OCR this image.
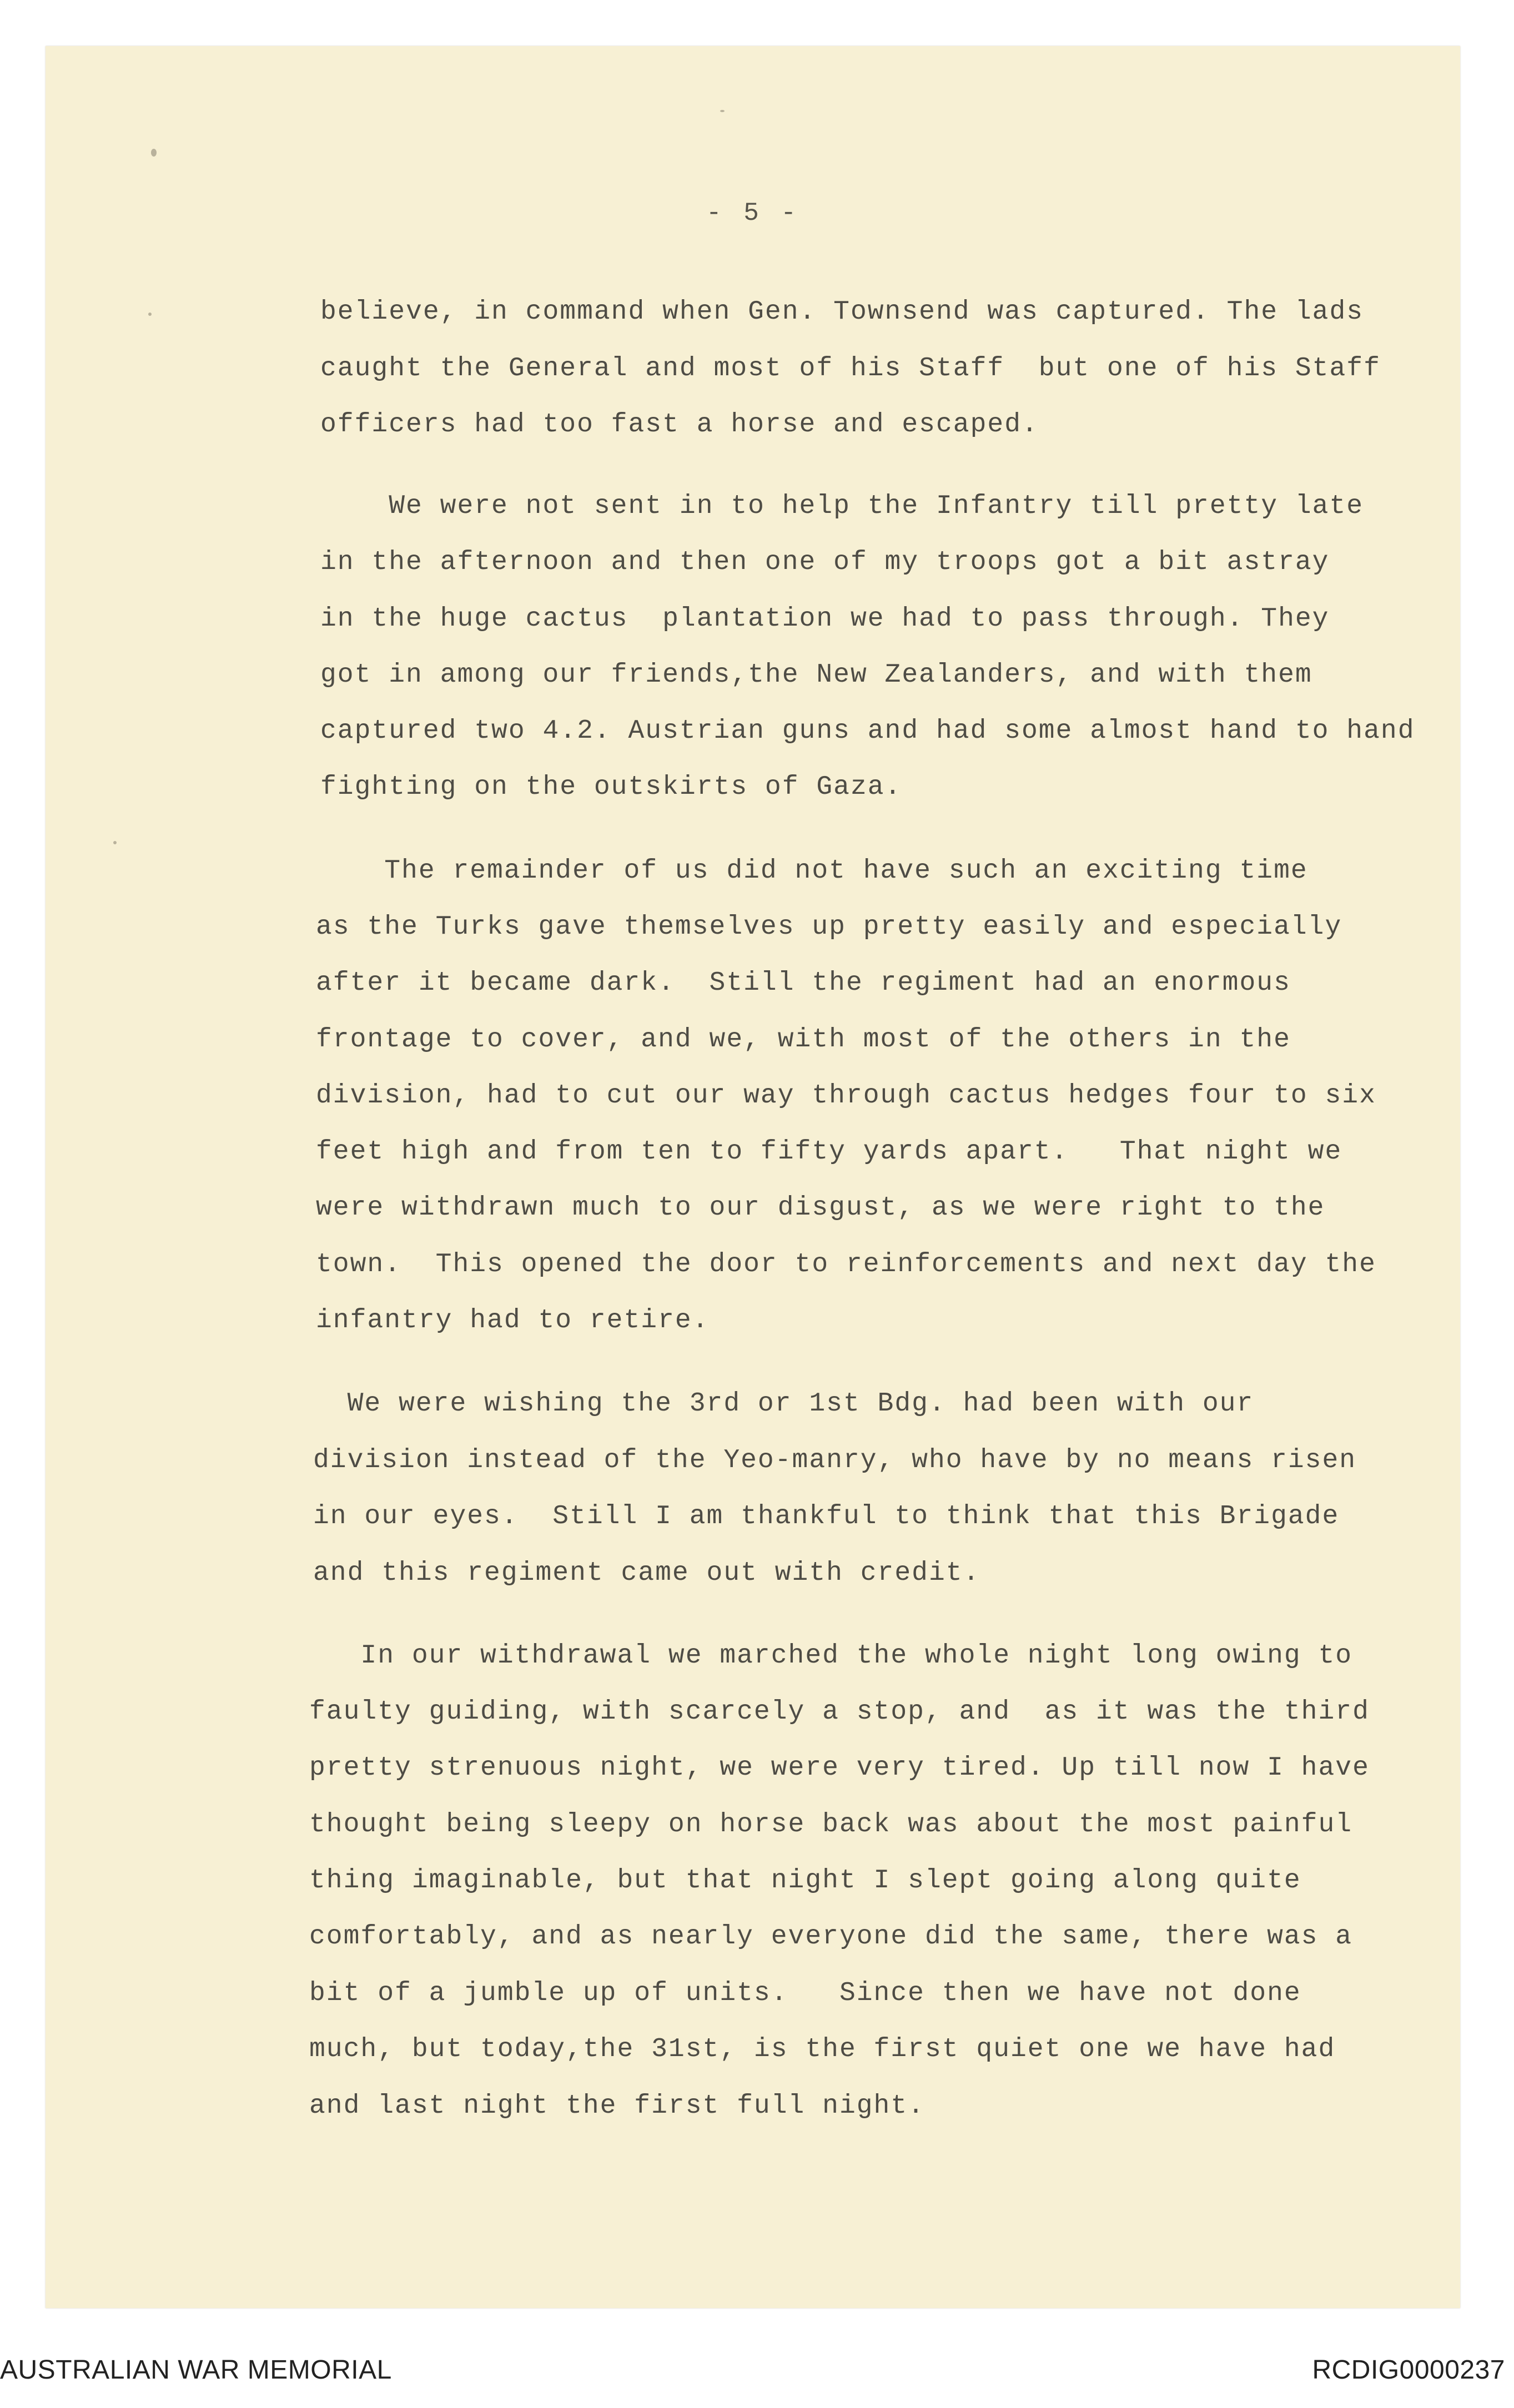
- 5 -

believe, in command when Gen. Townsend was captured. The lads

caught the General and most of his Staff  but one of his Staff

officers had too fast a horse and escaped.

We were not sent in to help the Infantry till pretty late

in the afternoon and then one of my troops got a bit astray

in the huge cactus  plantation we had to pass through. They

got in among our friends,the New Zealanders, and with them

captured two 4.2. Austrian guns and had some almost hand to hand

fighting on the outskirts of Gaza.

The remainder of us did not have such an exciting time

as the Turks gave themselves up pretty easily and especially

after it became dark.  Still the regiment had an enormous

frontage to cover, and we, with most of the others in the

division, had to cut our way through cactus hedges four to six

feet high and from ten to fifty yards apart.   That night we

were withdrawn much to our disgust, as we were right to the

town.  This opened the door to reinforcements and next day the

infantry had to retire.

We were wishing the 3rd or 1st Bdg. had been with our

division instead of the Yeo-manry, who have by no means risen

in our eyes.  Still I am thankful to think that this Brigade

and this regiment came out with credit.

In our withdrawal we marched the whole night long owing to

faulty guiding, with scarcely a stop, and  as it was the third

pretty strenuous night, we were very tired. Up till now I have

thought being sleepy on horse back was about the most painful

thing imaginable, but that night I slept going along quite

comfortably, and as nearly everyone did the same, there was a

bit of a jumble up of units.   Since then we have not done

much, but today,the 31st, is the first quiet one we have had

and last night the first full night.

AUSTRALIAN WAR MEMORIAL	RCDIG0000237
